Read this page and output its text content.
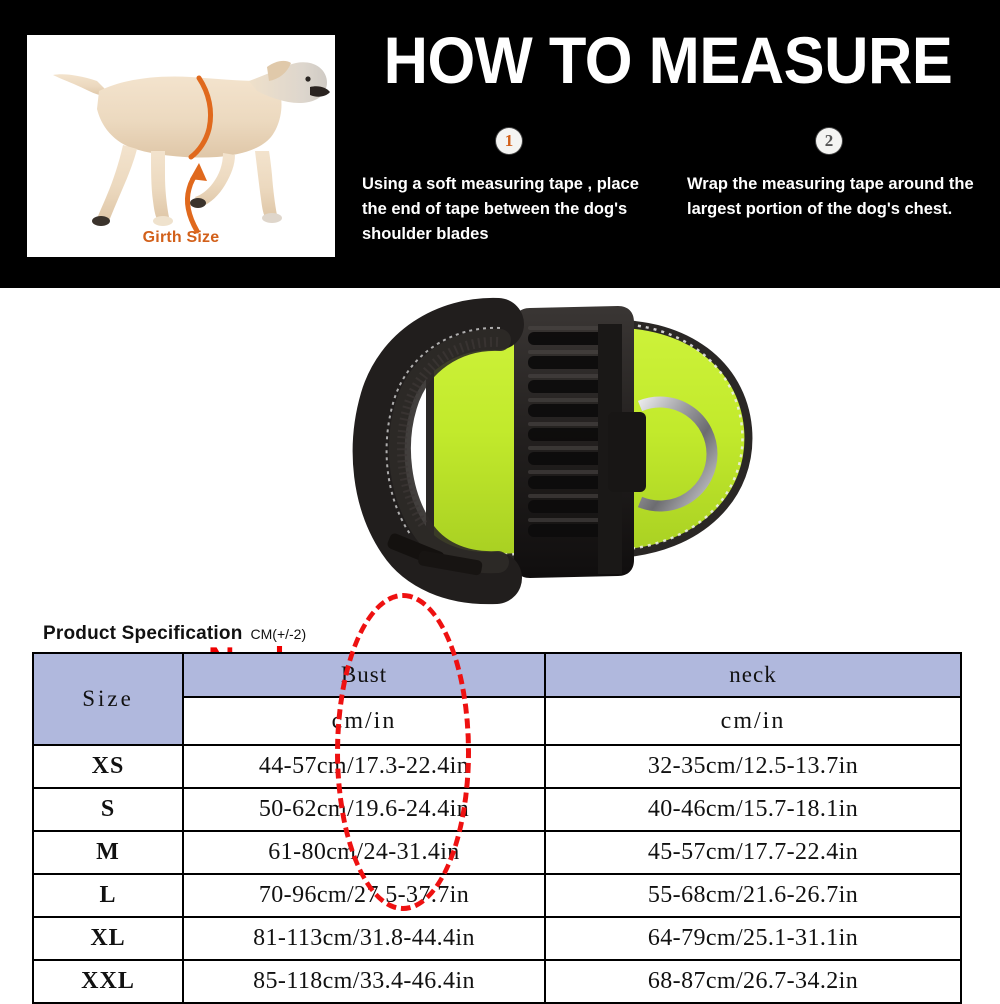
Girth Size
HOW TO MEASURE
1
Using a soft measuring tape , place the end of tape between the dog's shoulder blades
2
Wrap the measuring tape around the largest portion of the dog's chest.
Product Specification CM(+/-2)
Size	Bust	neck
	cm/in	cm/in
XS	44-57cm/17.3-22.4in	32-35cm/12.5-13.7in
S	50-62cm/19.6-24.4in	40-46cm/15.7-18.1in
M	61-80cm/24-31.4in	45-57cm/17.7-22.4in
L	70-96cm/27.5-37.7in	55-68cm/21.6-26.7in
XL	81-113cm/31.8-44.4in	64-79cm/25.1-31.1in
XXL	85-118cm/33.4-46.4in	68-87cm/26.7-34.2in
